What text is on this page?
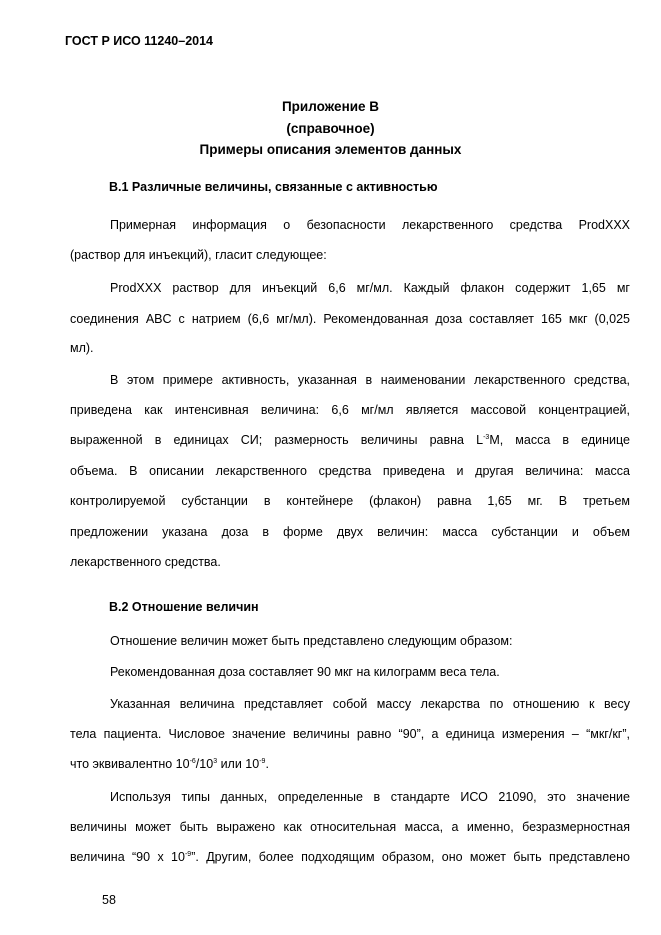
ГОСТ Р ИСО 11240–2014
Приложение В
(справочное)
Примеры описания элементов данных
В.1 Различные величины, связанные с активностью
Примерная информация о безопасности лекарственного средства ProdXXX
(раствор для инъекций), гласит следующее:
ProdXXX раствор для инъекций 6,6 мг/мл. Каждый флакон содержит 1,65 мг
соединения ABC с натрием (6,6 мг/мл). Рекомендованная доза составляет 165 мкг (0,025
мл).
В этом примере активность, указанная в наименовании лекарственного средства,
приведена как интенсивная величина: 6,6 мг/мл является массовой концентрацией,
выраженной в единицах СИ; размерность величины равна $L^{-3}M$, масса в единице
объема. В описании лекарственного средства приведена и другая величина: масса
контролируемой субстанции в контейнере (флакон) равна 1,65 мг. В третьем
предложении указана доза в форме двух величин: масса субстанции и объем
лекарственного средства.
В.2 Отношение величин
Отношение величин может быть представлено следующим образом:
Рекомендованная доза составляет 90 мкг на килограмм веса тела.
Указанная величина представляет собой массу лекарства по отношению к весу
тела пациента. Числовое значение величины равно “90”, а единица измерения – “мкг/кг”,
что эквивалентно $10^{-6}/10^3$ или $10^{-9}$.
Используя типы данных, определенные в стандарте ИСО 21090, это значение
величины может быть выражено как относительная масса, а именно, безразмерностная
величина “90 x $10^{-9}$”. Другим, более подходящим образом, оно может быть представлено
58
